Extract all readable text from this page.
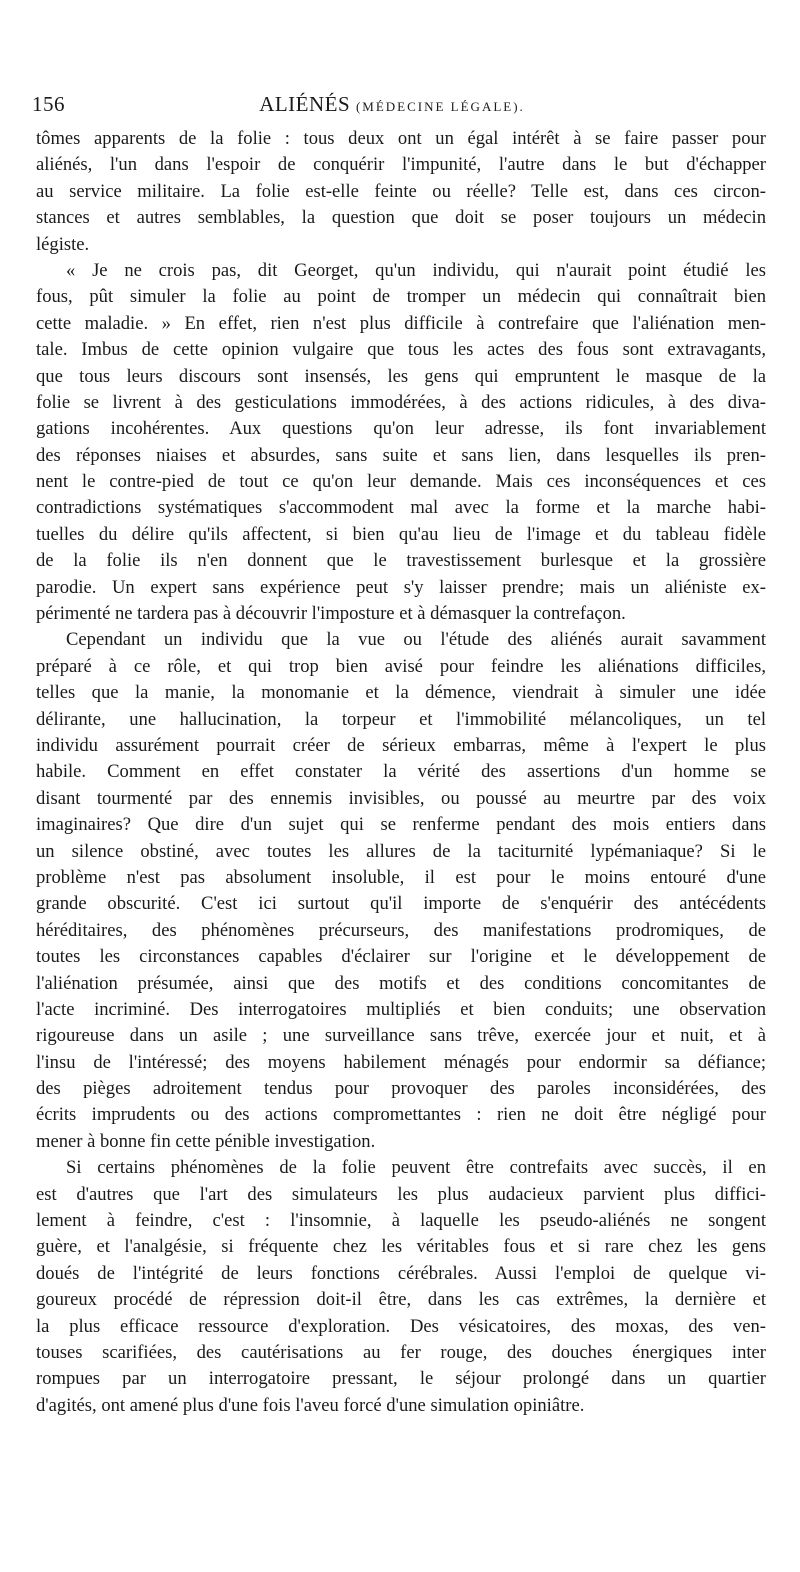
156	ALIÉNÉS (MÉDECINE LÉGALE).
tômes apparents de la folie : tous deux ont un égal intérêt à se faire passer pour
aliénés, l'un dans l'espoir de conquérir l'impunité, l'autre dans le but d'échapper
au service militaire. La folie est-elle feinte ou réelle? Telle est, dans ces circon-
stances et autres semblables, la question que doit se poser toujours un médecin
légiste.
« Je ne crois pas, dit Georget, qu'un individu, qui n'aurait point étudié les
fous, pût simuler la folie au point de tromper un médecin qui connaîtrait bien
cette maladie. » En effet, rien n'est plus difficile à contrefaire que l'aliénation men-
tale. Imbus de cette opinion vulgaire que tous les actes des fous sont extravagants,
que tous leurs discours sont insensés, les gens qui empruntent le masque de la
folie se livrent à des gesticulations immodérées, à des actions ridicules, à des diva-
gations incohérentes. Aux questions qu'on leur adresse, ils font invariablement
des réponses niaises et absurdes, sans suite et sans lien, dans lesquelles ils pren-
nent le contre-pied de tout ce qu'on leur demande. Mais ces inconséquences et ces
contradictions systématiques s'accommodent mal avec la forme et la marche habi-
tuelles du délire qu'ils affectent, si bien qu'au lieu de l'image et du tableau fidèle
de la folie ils n'en donnent que le travestissement burlesque et la grossière
parodie. Un expert sans expérience peut s'y laisser prendre; mais un aliéniste ex-
périmenté ne tardera pas à découvrir l'imposture et à démasquer la contrefaçon.
Cependant un individu que la vue ou l'étude des aliénés aurait savamment
préparé à ce rôle, et qui trop bien avisé pour feindre les aliénations difficiles,
telles que la manie, la monomanie et la démence, viendrait à simuler une idée
délirante, une hallucination, la torpeur et l'immobilité mélancoliques, un tel
individu assurément pourrait créer de sérieux embarras, même à l'expert le plus
habile. Comment en effet constater la vérité des assertions d'un homme se
disant tourmenté par des ennemis invisibles, ou poussé au meurtre par des voix
imaginaires? Que dire d'un sujet qui se renferme pendant des mois entiers dans
un silence obstiné, avec toutes les allures de la taciturnité lypémaniaque? Si le
problème n'est pas absolument insoluble, il est pour le moins entouré d'une
grande obscurité. C'est ici surtout qu'il importe de s'enquérir des antécédents
héréditaires, des phénomènes précurseurs, des manifestations prodromiques, de
toutes les circonstances capables d'éclairer sur l'origine et le développement de
l'aliénation présumée, ainsi que des motifs et des conditions concomitantes de
l'acte incriminé. Des interrogatoires multipliés et bien conduits; une observation
rigoureuse dans un asile ; une surveillance sans trêve, exercée jour et nuit, et à
l'insu de l'intéressé; des moyens habilement ménagés pour endormir sa défiance;
des pièges adroitement tendus pour provoquer des paroles inconsidérées, des
écrits imprudents ou des actions compromettantes : rien ne doit être négligé pour
mener à bonne fin cette pénible investigation.
Si certains phénomènes de la folie peuvent être contrefaits avec succès, il en
est d'autres que l'art des simulateurs les plus audacieux parvient plus diffici-
lement à feindre, c'est : l'insomnie, à laquelle les pseudo-aliénés ne songent
guère, et l'analgésie, si fréquente chez les véritables fous et si rare chez les gens
doués de l'intégrité de leurs fonctions cérébrales. Aussi l'emploi de quelque vi-
goureux procédé de répression doit-il être, dans les cas extrêmes, la dernière et
la plus efficace ressource d'exploration. Des vésicatoires, des moxas, des ven-
touses scarifiées, des cautérisations au fer rouge, des douches énergiques inter
rompues par un interrogatoire pressant, le séjour prolongé dans un quartier
d'agités, ont amené plus d'une fois l'aveu forcé d'une simulation opiniâtre.
